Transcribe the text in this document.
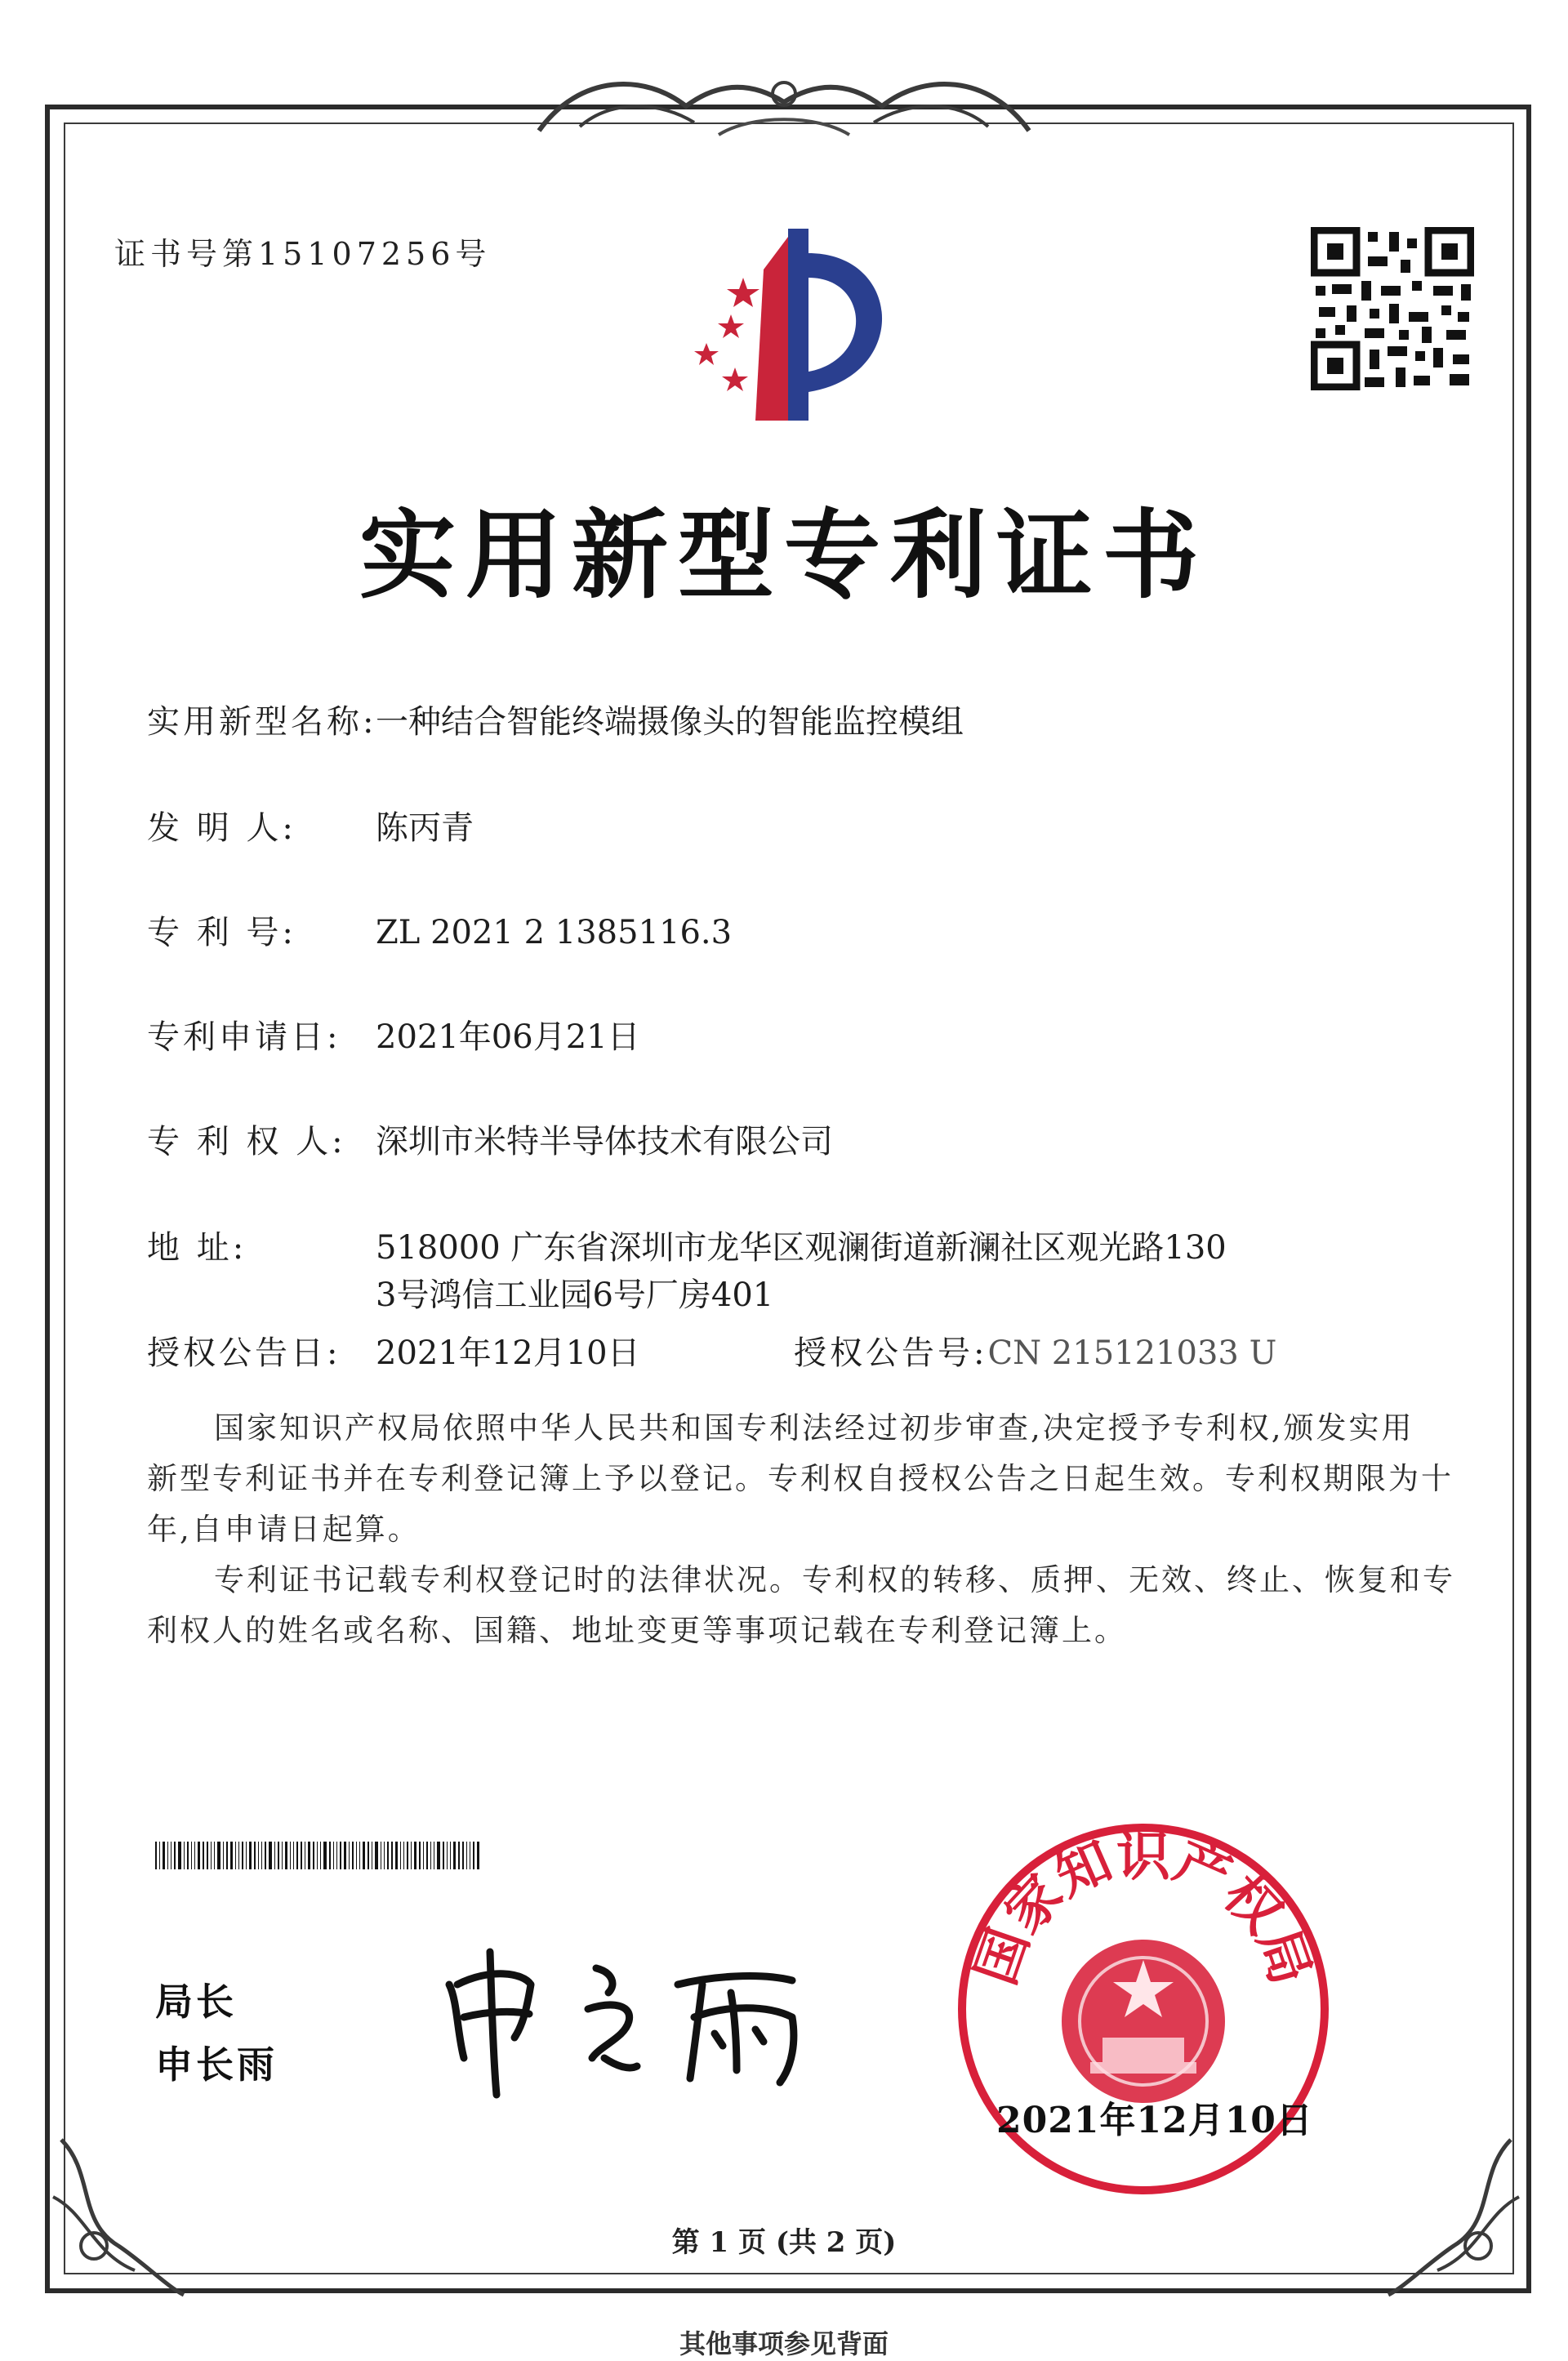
证书号第15107256号
实用新型专利证书
实用新型名称:一种结合智能终端摄像头的智能监控模组
发 明 人: 陈丙青
专 利 号: ZL 2021 2 1385116.3
专利申请日: 2021年06月21日
专 利 权 人: 深圳市米特半导体技术有限公司
地 址:	518000 广东省深圳市龙华区观澜街道新澜社区观光路130
3号鸿信工业园6号厂房401
授权公告日: 2021年12月10日	授权公告号:CN 215121033 U
国家知识产权局依照中华人民共和国专利法经过初步审查,决定授予专利权,颁发实用
新型专利证书并在专利登记簿上予以登记。专利权自授权公告之日起生效。专利权期限为十
年,自申请日起算。
专利证书记载专利权登记时的法律状况。专利权的转移、质押、无效、终止、恢复和专
利权人的姓名或名称、国籍、地址变更等事项记载在专利登记簿上。
局长
申长雨
国家知识产权局
2021年12月10日
第 1 页 (共 2 页)
其他事项参见背面
